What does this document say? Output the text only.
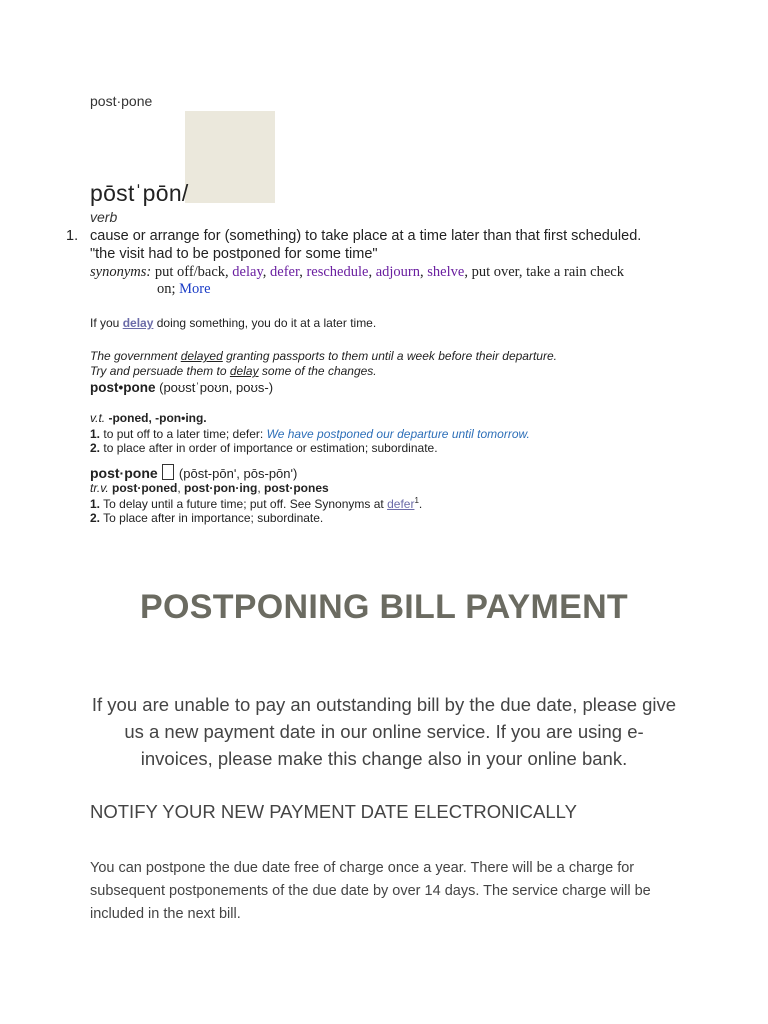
post·pone
pōstˈpōn/
verb
1. cause or arrange for (something) to take place at a time later than that first scheduled.
"the visit had to be postponed for some time"
synonyms: put off/back, delay, defer, reschedule, adjourn, shelve, put over, take a rain check
on; More
If you delay doing something, you do it at a later time.
The government delayed granting passports to them until a week before their departure.
Try and persuade them to delay some of the changes.
post•pone (poʊstˈpoʊn, poʊs-)
v.t. -poned, -pon•ing.
1. to put off to a later time; defer: We have postponed our departure until tomorrow.
2. to place after in order of importance or estimation; subordinate.
post·pone (pōst-pōnʹ, pōs-pōnʹ)
tr.v. post·poned, post·pon·ing, post·pones
1. To delay until a future time; put off. See Synonyms at defer$^1$.
2. To place after in importance; subordinate.
POSTPONING BILL PAYMENT
If you are unable to pay an outstanding bill by the due date, please give us a new payment date in our online service. If you are using e-invoices, please make this change also in your online bank.
NOTIFY YOUR NEW PAYMENT DATE ELECTRONICALLY
You can postpone the due date free of charge once a year. There will be a charge for subsequent postponements of the due date by over 14 days. The service charge will be included in the next bill.
